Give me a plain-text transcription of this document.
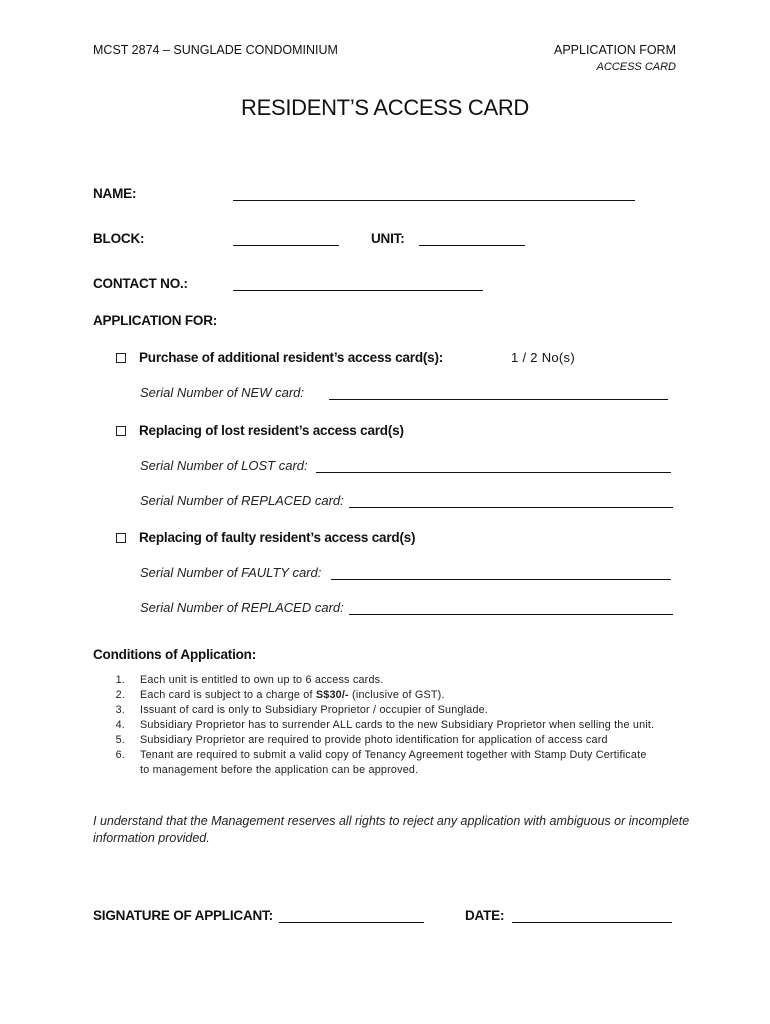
MCST 2874 – SUNGLADE CONDOMINIUM	APPLICATION FORM
ACCESS CARD
RESIDENT’S ACCESS CARD
NAME:
BLOCK:	UNIT:
CONTACT NO.:
APPLICATION FOR:
Purchase of additional resident’s access card(s):	1 / 2 No(s)
Serial Number of NEW card:
Replacing of lost resident’s access card(s)
Serial Number of LOST card:
Serial Number of REPLACED card:
Replacing of faulty resident’s access card(s)
Serial Number of FAULTY card:
Serial Number of REPLACED card:
Conditions of Application:
1. Each unit is entitled to own up to 6 access cards.
2. Each card is subject to a charge of S$30/- (inclusive of GST).
3. Issuant of card is only to Subsidiary Proprietor / occupier of Sunglade.
4. Subsidiary Proprietor has to surrender ALL cards to the new Subsidiary Proprietor when selling the unit.
5. Subsidiary Proprietor are required to provide photo identification for application of access card
6. Tenant are required to submit a valid copy of Tenancy Agreement together with Stamp Duty Certificate
to management before the application can be approved.
I understand that the Management reserves all rights to reject any application with ambiguous or incomplete information provided.
SIGNATURE OF APPLICANT:	DATE:
